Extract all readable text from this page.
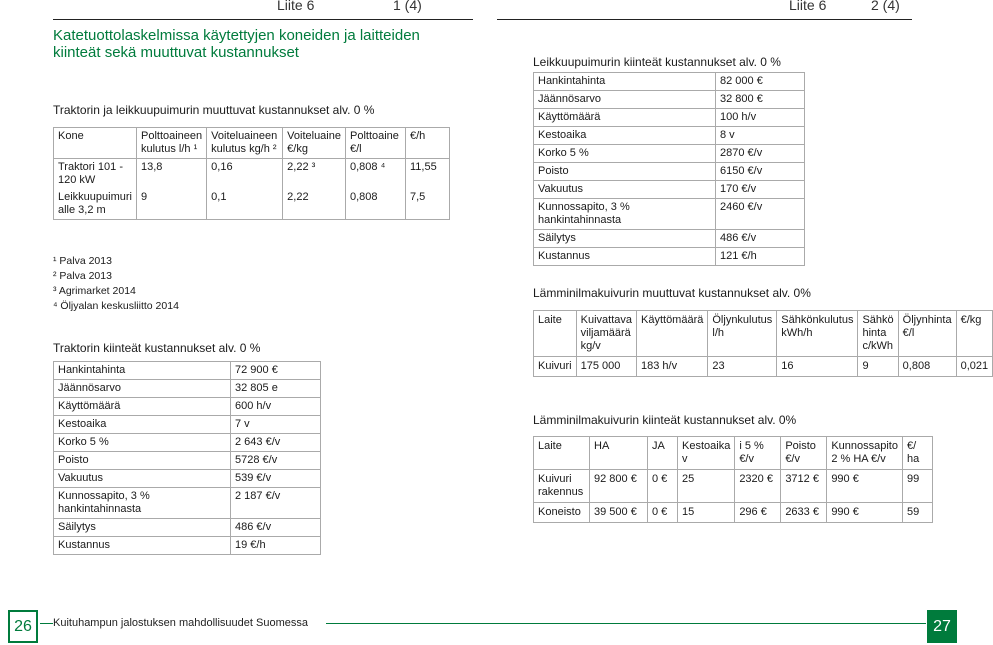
Liite 6	1 (4)	Liite 6	2 (4)
Katetuottolaskelmissa käytettyjen koneiden ja laitteiden kiinteät sekä muuttuvat kustannukset
Traktorin ja leikkuupuimurin muuttuvat kustannukset alv. 0 %
Kone	Polttoaineen kulutus l/h ¹	Voiteluaineen kulutus kg/h ²	Voiteluaine €/kg	Polttoaine €/l	€/h
Traktori 101 - 120 kW	13,8	0,16	2,22 ³	0,808 ⁴	11,55
Leikkuupuimuri alle 3,2 m	9	0,1	2,22	0,808	7,5
¹ Palva 2013
² Palva 2013
³ Agrimarket 2014
⁴ Öljyalan keskusliitto 2014
Traktorin kiinteät kustannukset alv. 0 %
Hankintahinta	72 900 €
Jäännösarvo	32 805 e
Käyttömäärä	600 h/v
Kestoaika	7 v
Korko 5 %	2 643 €/v
Poisto	5728 €/v
Vakuutus	539 €/v
Kunnossapito, 3 % hankintahinnasta	2 187 €/v
Säilytys	486 €/v
Kustannus	19 €/h
Leikkuupuimurin kiinteät kustannukset alv. 0 %
Hankintahinta	82 000 €
Jäännösarvo	32 800 €
Käyttömäärä	100 h/v
Kestoaika	8 v
Korko 5 %	2870 €/v
Poisto	6150 €/v
Vakuutus	170 €/v
Kunnossapito, 3 % hankintahinnasta	2460 €/v
Säilytys	486 €/v
Kustannus	121 €/h
Lämminilmakuivurin muuttuvat kustannukset alv. 0%
Laite	Kuivattava viljamäärä kg/v	Käyttömäärä	Öljynkulutus l/h	Sähkönkulutus kWh/h	Sähkö hinta c/kWh	Öljynhinta €/l	€/kg
Kuivuri	175 000	183 h/v	23	16	9	0,808	0,021
Lämminilmakuivurin kiinteät kustannukset alv. 0%
Laite	HA	JA	Kestoaika v	i 5 % €/v	Poisto €/v	Kunnossapito 2 % HA €/v	€/ ha
Kuivuri rakennus	92 800 €	0 €	25	2320 €	3712 €	990 €	99
Koneisto	39 500 €	0 €	15	296 €	2633 €	990 €	59
26	Kuituhampun jalostuksen mahdollisuudet Suomessa	27
